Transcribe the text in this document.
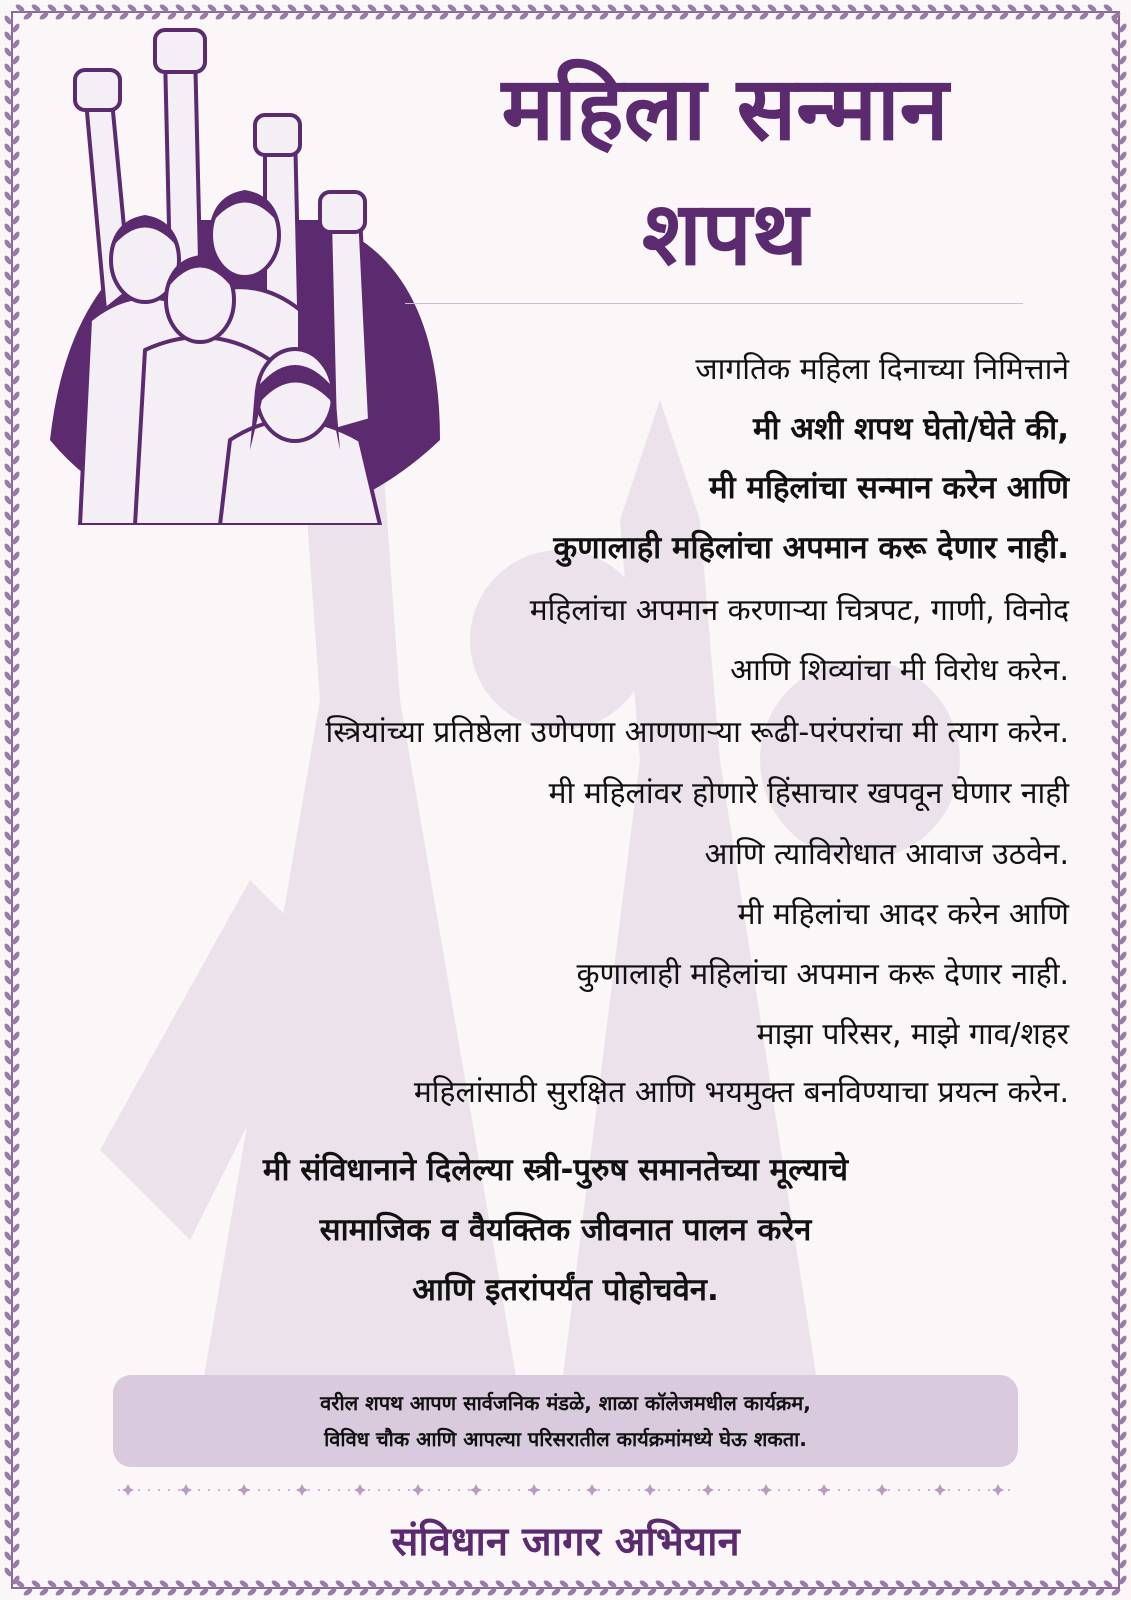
महिला सन्मान
शपथ

जागतिक महिला दिनाच्या निमित्ताने

मी अशी शपथ घेतो/घेते की,

मी महिलांचा सन्मान करेन आणि

कुणालाही महिलांचा अपमान करू देणार नाही.

महिलांचा अपमान करणाऱ्या चित्रपट, गाणी, विनोद

आणि शिव्यांचा मी विरोध करेन.

स्त्रियांच्या प्रतिष्ठेला उणेपणा आणणाऱ्या रूढी-परंपरांचा मी त्याग करेन.

मी महिलांवर होणारे हिंसाचार खपवून घेणार नाही

आणि त्याविरोधात आवाज उठवेन.

मी महिलांचा आदर करेन आणि

कुणालाही महिलांचा अपमान करू देणार नाही.

माझा परिसर, माझे गाव/शहर

महिलांसाठी सुरक्षित आणि भयमुक्त बनविण्याचा प्रयत्न करेन.

मी संविधानाने दिलेल्या स्त्री-पुरुष समानतेच्या मूल्याचे

सामाजिक व वैयक्तिक जीवनात पालन करेन

आणि इतरांपर्यंत पोहोचवेन.

वरील शपथ आपण सार्वजनिक मंडळे, शाळा कॉलेजमधील कार्यक्रम,

विविध चौक आणि आपल्या परिसरातील कार्यक्रमांमध्ये घेऊ शकता.

संविधान जागर अभियान
